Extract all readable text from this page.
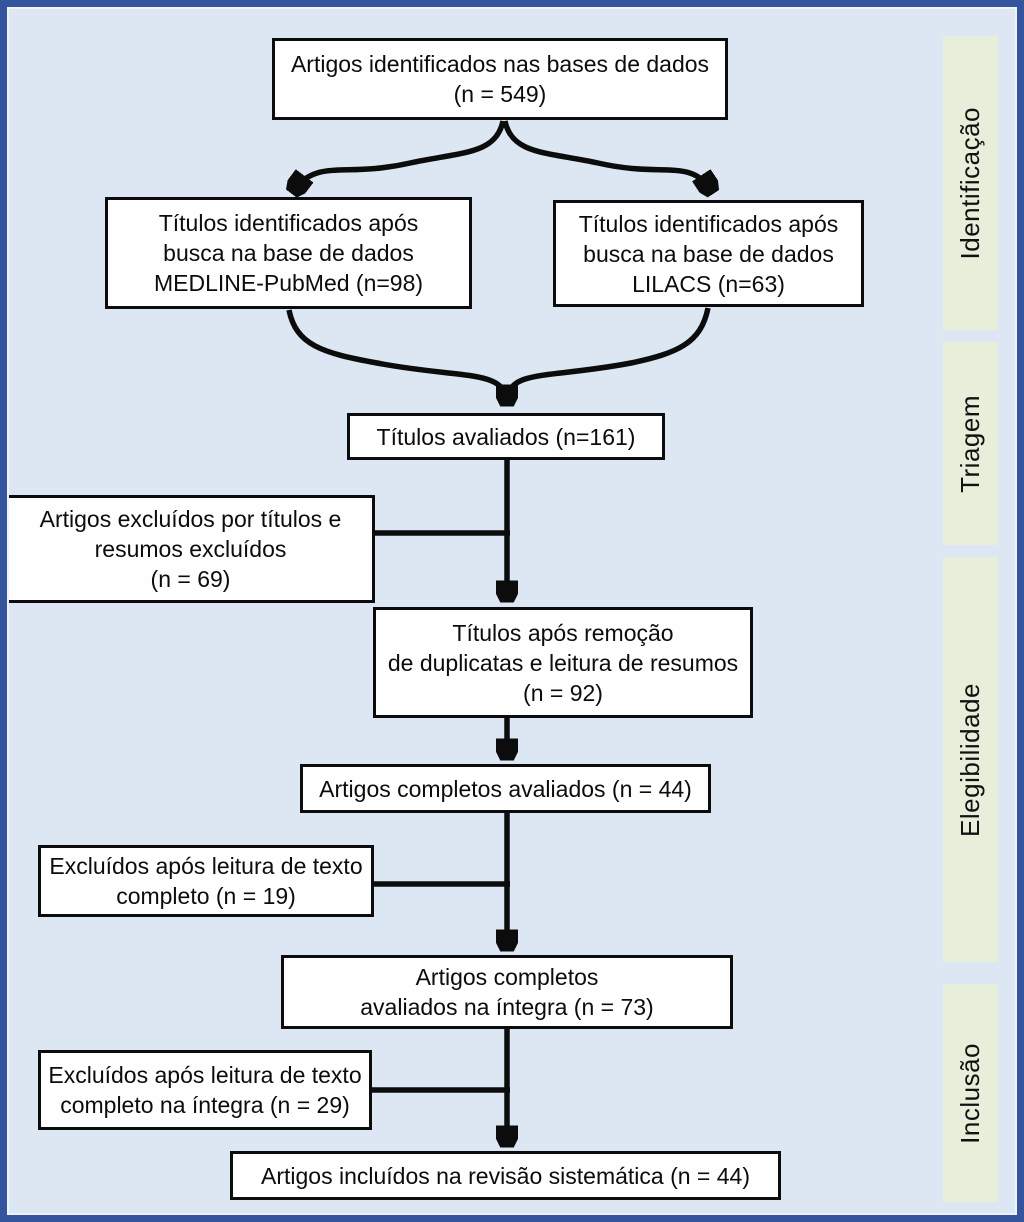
Identificação
Triagem
Elegibilidade
Inclusão
Artigos identificados nas bases de dados
(n = 549)
Títulos identificados após
busca na base de dados
MEDLINE-PubMed (n=98)
Títulos identificados após
busca na base de dados
LILACS (n=63)
Títulos avaliados (n=161)
Artigos excluídos por títulos e
resumos excluídos
(n = 69)
Títulos após remoção
de duplicatas e leitura de resumos
(n = 92)
Artigos completos avaliados (n = 44)
Excluídos após leitura de texto
completo (n = 19)
Artigos completos
avaliados na íntegra (n = 73)
Excluídos após leitura de texto
completo na íntegra (n = 29)
Artigos incluídos na revisão sistemática (n = 44)
